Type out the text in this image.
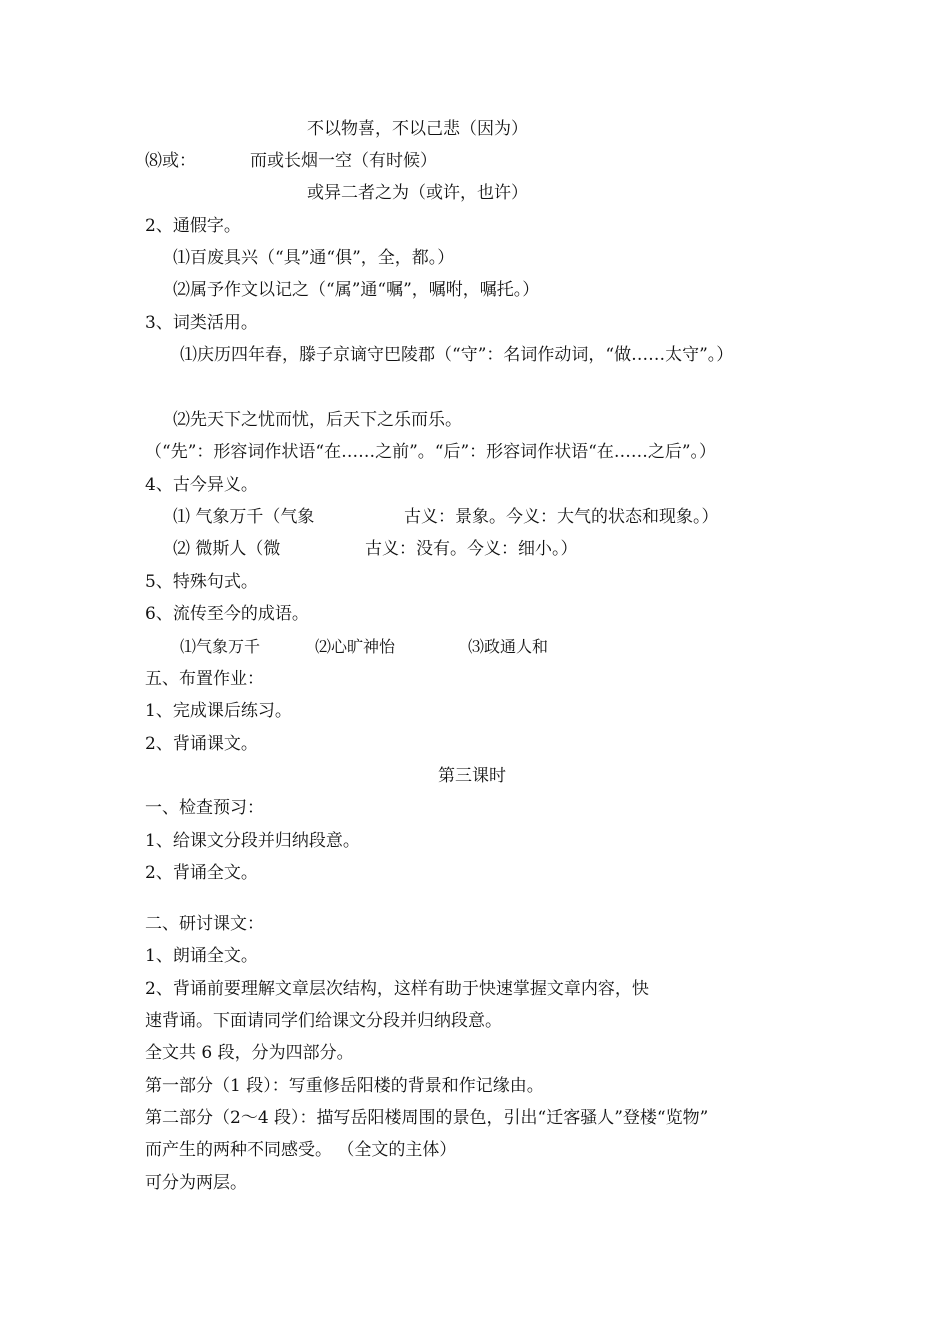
不以物喜，不以己悲（因为）
⑻或：	而或长烟一空（有时候）
或异二者之为（或许，也许）
2、通假字。
⑴百废具兴（“具”通“俱”，全，都。）
⑵属予作文以记之（“属”通“嘱”，嘱咐，嘱托。）
3、词类活用。
⑴庆历四年春，滕子京谪守巴陵郡（“守”：名词作动词，“做……太守”。）
⑵先天下之忧而忧，后天下之乐而乐。
（“先”：形容词作状语“在……之前”。“后”：形容词作状语“在……之后”。）
4、古今异义。
⑴ 气象万千（气象	古义：景象。今义：大气的状态和现象。）
⑵ 微斯人（微	古义：没有。今义：细小。）
5、特殊句式。
6、流传至今的成语。
⑴气象万千	⑵心旷神怡	⑶政通人和
五、布置作业：
1、完成课后练习。
2、背诵课文。
第三课时
一、检查预习：
1、给课文分段并归纳段意。
2、背诵全文。
二、研讨课文：
1、朗诵全文。
2、背诵前要理解文章层次结构，这样有助于快速掌握文章内容，快
速背诵。下面请同学们给课文分段并归纳段意。
全文共 6 段，分为四部分。
第一部分（1 段）：写重修岳阳楼的背景和作记缘由。
第二部分（2～4 段）：描写岳阳楼周围的景色，引出“迁客骚人”登楼“览物”
而产生的两种不同感受。 （全文的主体）
可分为两层。
